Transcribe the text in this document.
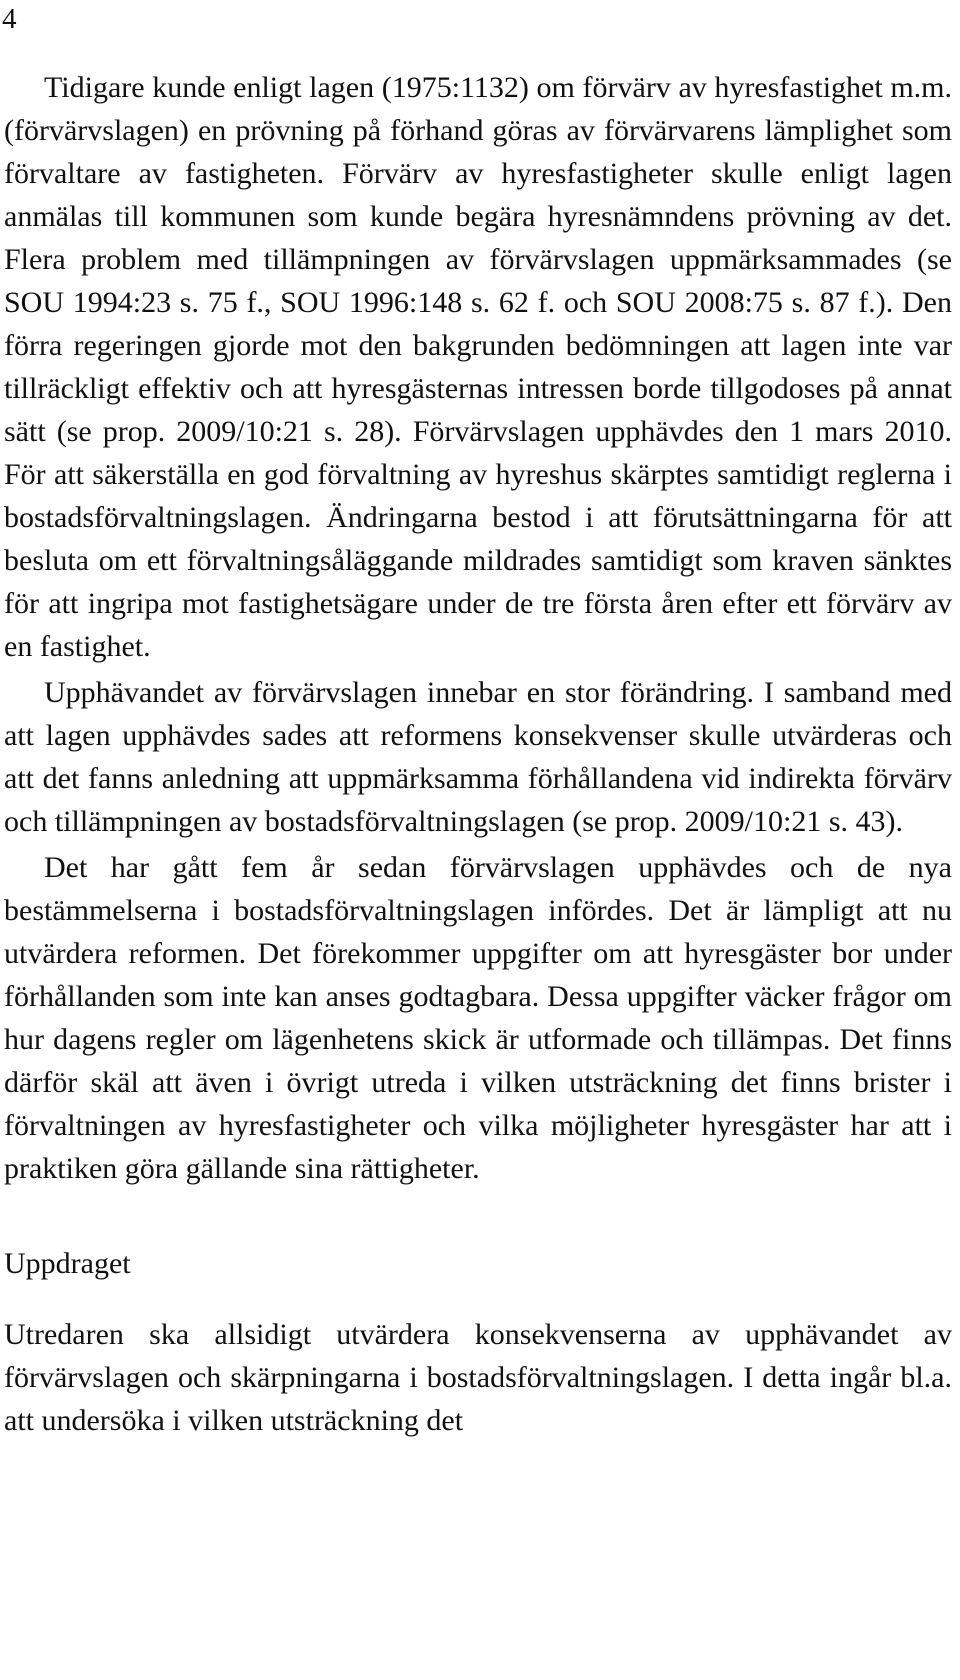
4

Tidigare kunde enligt lagen (1975:1132) om förvärv av hyresfastighet m.m. (förvärvslagen) en prövning på förhand göras av förvärvarens lämplighet som förvaltare av fastigheten. Förvärv av hyresfastigheter skulle enligt lagen anmälas till kommunen som kunde begära hyresnämndens prövning av det. Flera problem med tillämpningen av förvärvslagen uppmärksammades (se SOU 1994:23 s. 75 f., SOU 1996:148 s. 62 f. och SOU 2008:75 s. 87 f.). Den förra regeringen gjorde mot den bakgrunden bedömningen att lagen inte var tillräckligt effektiv och att hyresgästernas intressen borde tillgodoses på annat sätt (se prop. 2009/10:21 s. 28). Förvärvslagen upphävdes den 1 mars 2010. För att säkerställa en god förvaltning av hyreshus skärptes samtidigt reglerna i bostadsförvaltningslagen. Ändringarna bestod i att förutsättningarna för att besluta om ett förvaltningsåläggande mildrades samtidigt som kraven sänktes för att ingripa mot fastighetsägare under de tre första åren efter ett förvärv av en fastighet.

Upphävandet av förvärvslagen innebar en stor förändring. I samband med att lagen upphävdes sades att reformens konsekvenser skulle utvärderas och att det fanns anledning att uppmärksamma förhållandena vid indirekta förvärv och tillämpningen av bostadsförvaltningslagen (se prop. 2009/10:21 s. 43).

Det har gått fem år sedan förvärvslagen upphävdes och de nya bestämmelserna i bostadsförvaltningslagen infördes. Det är lämpligt att nu utvärdera reformen. Det förekommer uppgifter om att hyresgäster bor under förhållanden som inte kan anses godtagbara. Dessa uppgifter väcker frågor om hur dagens regler om lägenhetens skick är utformade och tillämpas. Det finns därför skäl att även i övrigt utreda i vilken utsträckning det finns brister i förvaltningen av hyresfastigheter och vilka möjligheter hyresgäster har att i praktiken göra gällande sina rättigheter.

Uppdraget

Utredaren ska allsidigt utvärdera konsekvenserna av upphävandet av förvärvslagen och skärpningarna i bostadsförvaltningslagen. I detta ingår bl.a. att undersöka i vilken utsträckning det
